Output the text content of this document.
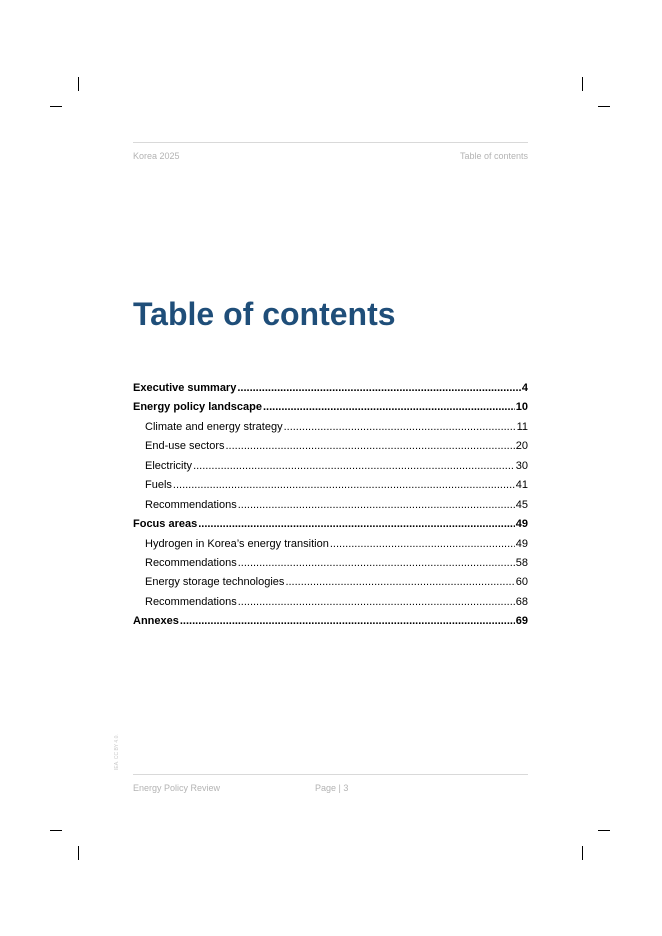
Korea 2025	Table of contents
Table of contents
Executive summary .....	4
Energy policy landscape .....	10
Climate and energy strategy .....	11
End-use sectors .....	20
Electricity .....	30
Fuels .....	41
Recommendations .....	45
Focus areas .....	49
Hydrogen in Korea’s energy transition .....	49
Recommendations .....	58
Energy storage technologies .....	60
Recommendations .....	68
Annexes .....	69
Energy Policy Review	Page | 3
IEA. CC BY 4.0.
